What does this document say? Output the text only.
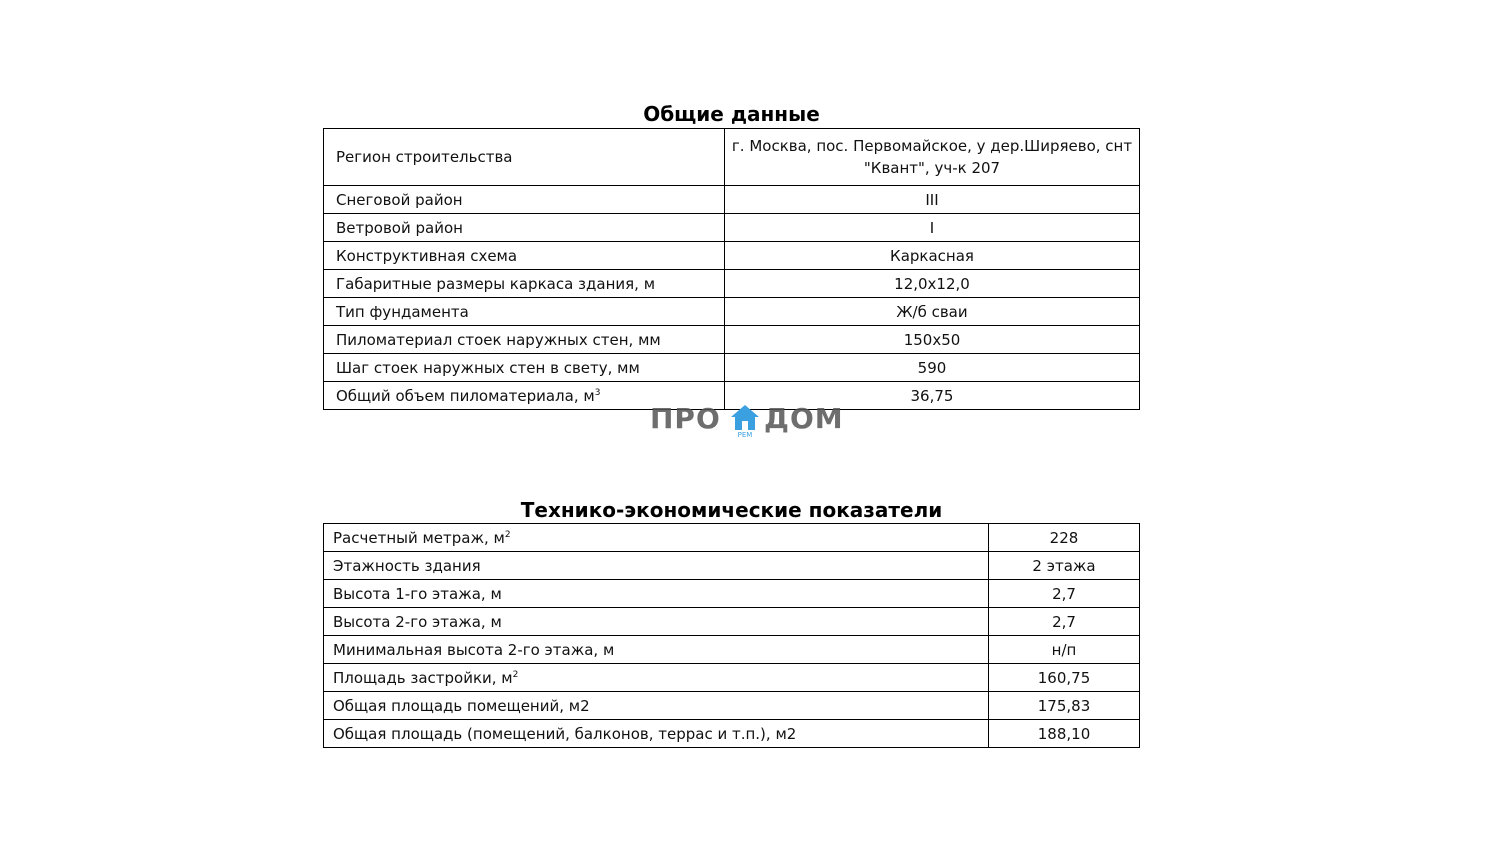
Общие данные
Регион строительства	г. Москва, пос. Первомайское, у дер.Ширяево, снт "Квант", уч-к 207
Снеговой район	III
Ветровой район	I
Конструктивная схема	Каркасная
Габаритные размеры каркаса здания, м	12,0х12,0
Тип фундамента	Ж/б сваи
Пиломатериал стоек наружных стен, мм	150х50
Шаг стоек наружных стен в свету, мм	590
Общий объем пиломатериала, $м^3$	36,75
ПРО	РЕМ ДОМ
Технико-экономические показатели
Расчетный метраж, $м^2$	228
Этажность здания	2 этажа
Высота 1-го этажа, м	2,7
Высота 2-го этажа, м	2,7
Минимальная высота 2-го этажа, м	н/п
Площадь застройки, $м^2$	160,75
Общая площадь помещений, м2	175,83
Общая площадь (помещений, балконов, террас и т.п.), м2	188,10
